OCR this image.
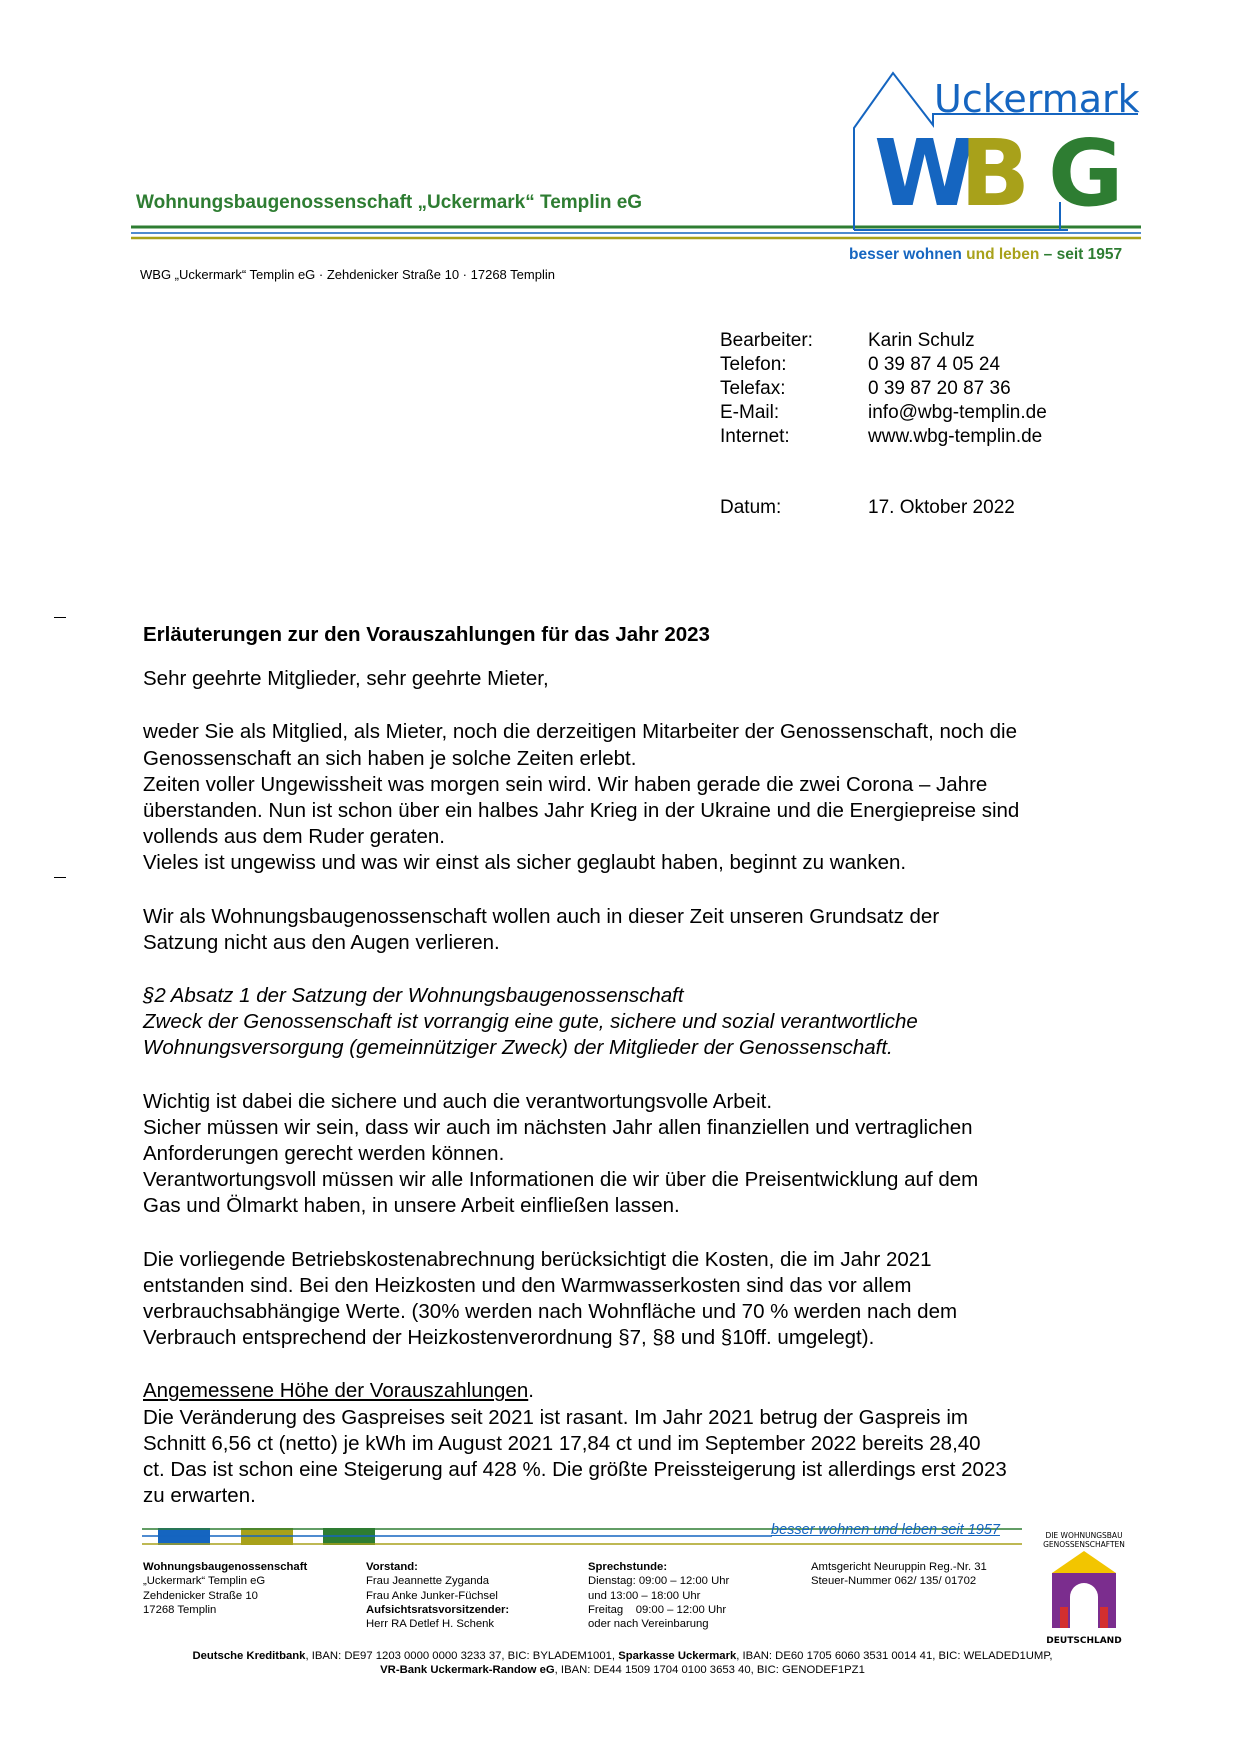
Wohnungsbaugenossenschaft „Uckermark“ Templin eG
Uckermark
W
B G
besser wohnen und leben – seit 1957
WBG „Uckermark“ Templin eG · Zehdenicker Straße 10 · 17268 Templin
Bearbeiter:	Karin Schulz
Telefon:	0 39 87 4 05 24
Telefax:	0 39 87 20 87 36
E-Mail:	info@wbg-templin.de
Internet:	www.wbg-templin.de
Datum:	17. Oktober 2022

Erläuterungen zur den Vorauszahlungen für das Jahr 2023

Sehr geehrte Mitglieder, sehr geehrte Mieter,

weder Sie als Mitglied, als Mieter, noch die derzeitigen Mitarbeiter der Genossenschaft, noch die

Genossenschaft an sich haben je solche Zeiten erlebt.

Zeiten voller Ungewissheit was morgen sein wird. Wir haben gerade die zwei Corona – Jahre

überstanden. Nun ist schon über ein halbes Jahr Krieg in der Ukraine und die Energiepreise sind

vollends aus dem Ruder geraten.

Vieles ist ungewiss und was wir einst als sicher geglaubt haben, beginnt zu wanken.

Wir als Wohnungsbaugenossenschaft wollen auch in dieser Zeit unseren Grundsatz der

Satzung nicht aus den Augen verlieren.

§2 Absatz 1 der Satzung der Wohnungsbaugenossenschaft

Zweck der Genossenschaft ist vorrangig eine gute, sichere und sozial verantwortliche

Wohnungsversorgung (gemeinnütziger Zweck) der Mitglieder der Genossenschaft.

Wichtig ist dabei die sichere und auch die verantwortungsvolle Arbeit.

Sicher müssen wir sein, dass wir auch im nächsten Jahr allen finanziellen und vertraglichen

Anforderungen gerecht werden können.

Verantwortungsvoll müssen wir alle Informationen die wir über die Preisentwicklung auf dem

Gas und Ölmarkt haben, in unsere Arbeit einfließen lassen.

Die vorliegende Betriebskostenabrechnung berücksichtigt die Kosten, die im Jahr 2021

entstanden sind. Bei den Heizkosten und den Warmwasserkosten sind das vor allem

verbrauchsabhängige Werte. (30% werden nach Wohnfläche und 70 % werden nach dem

Verbrauch entsprechend der Heizkostenverordnung §7, §8 und §10ff. umgelegt).

Angemessene Höhe der Vorauszahlungen.

Die Veränderung des Gaspreises seit 2021 ist rasant. Im Jahr 2021 betrug der Gaspreis im

Schnitt 6,56 ct (netto) je kWh im August 2021 17,84 ct und im September 2022 bereits 28,40

ct. Das ist schon eine Steigerung auf 428 %. Die größte Preissteigerung ist allerdings erst 2023

zu erwarten.

besser wohnen und leben seit 1957

Wohnungsbaugenossenschaft

„Uckermark“ Templin eG

Zehdenicker Straße 10

17268 Templin

Vorstand:

Frau Jeannette Zyganda

Frau Anke Junker-Füchsel

Aufsichtsratsvorsitzender:

Herr RA Detlef H. Schenk

Sprechstunde:

Dienstag: 09:00 – 12:00 Uhr

und 13:00 – 18:00 Uhr

Freitag    09:00 – 12:00 Uhr

oder nach Vereinbarung

Amtsgericht Neuruppin Reg.-Nr. 31

Steuer-Nummer 062/ 135/ 01702

DIE WOHNUNGSBAU
GENOSSENSCHAFTEN
DEUTSCHLAND

Deutsche Kreditbank, IBAN: DE97 1203 0000 0000 3233 37, BIC: BYLADEM1001, Sparkasse Uckermark, IBAN: DE60 1705 6060 3531 0014 41, BIC: WELADED1UMP,

VR-Bank Uckermark-Randow eG, IBAN: DE44 1509 1704 0100 3653 40, BIC: GENODEF1PZ1
